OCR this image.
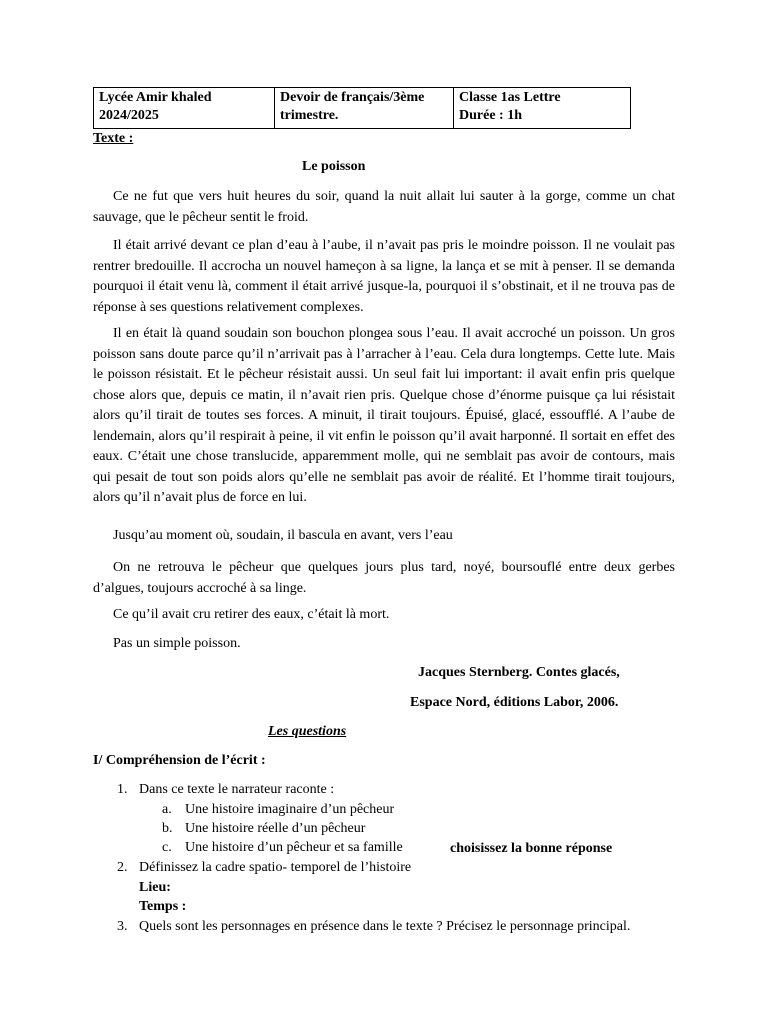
Lycée Amir khaled
2024/2025

Devoir de français/3ème
trimestre.

Classe 1as Lettre
Durée : 1h
Texte :
Le poisson

Ce ne fut que vers huit heures du soir, quand la nuit allait lui sauter à la gorge, comme un chat sauvage, que le pêcheur sentit le froid.

Il était arrivé devant ce plan d’eau à l’aube, il n’avait pas pris le moindre poisson. Il ne voulait pas rentrer bredouille. Il accrocha un nouvel hameçon à sa ligne, la lança et se mit à penser. Il se demanda pourquoi il était venu là, comment il était arrivé jusque-la, pourquoi il s’obstinait, et il ne trouva pas de réponse à ses questions relativement complexes.

Il en était là quand soudain son bouchon plongea sous l’eau. Il avait accroché un poisson. Un gros poisson sans doute parce qu’il n’arrivait pas à l’arracher à l’eau. Cela dura longtemps. Cette lute. Mais le poisson résistait. Et le pêcheur résistait aussi. Un seul fait lui important: il avait enfin pris quelque chose alors que, depuis ce matin, il n’avait rien pris. Quelque chose d’énorme puisque ça lui résistait alors qu’il tirait de toutes ses forces. A minuit, il tirait toujours. Épuisé, glacé, essoufflé. A l’aube de lendemain, alors qu’il respirait à peine, il vit enfin le poisson qu’il avait harponné. Il sortait en effet des eaux. C’était une chose translucide, apparemment molle, qui ne semblait pas avoir de contours, mais qui pesait de tout son poids alors qu’elle ne semblait pas avoir de réalité. Et l’homme tirait toujours, alors qu’il n’avait plus de force en lui.

Jusqu’au moment où, soudain, il bascula en avant, vers l’eau

On ne retrouva le pêcheur que quelques jours plus tard, noyé, boursouflé entre deux gerbes d’algues, toujours accroché à sa linge.

Ce qu’il avait cru retirer des eaux, c’était là mort.

Pas un simple poisson.

Jacques Sternberg. Contes glacés,
Espace Nord, éditions Labor, 2006.
Les questions
I/ Compréhension de l’écrit :
1. Dans ce texte le narrateur raconte :
a. Une histoire imaginaire d’un pêcheur
b. Une histoire réelle d’un pêcheur
c. Une histoire d’un pêcheur et sa famille	choisissez la bonne réponse
2. Définissez la cadre spatio- temporel de l’histoire
Lieu:
Temps :
3. Quels sont les personnages en présence dans le texte ? Précisez le personnage principal.
